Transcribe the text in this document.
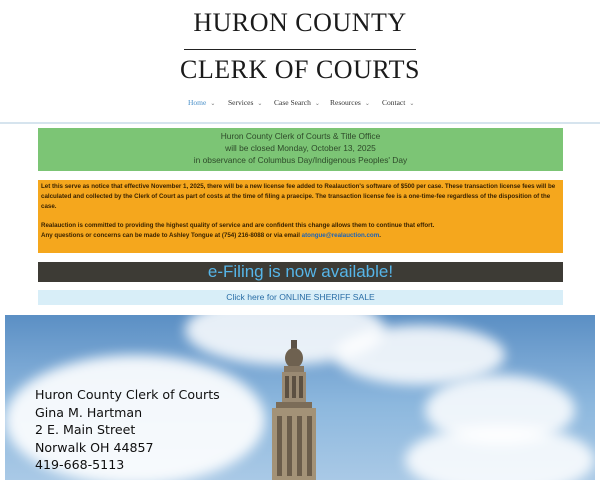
HURON COUNTY
CLERK OF COURTS
Home ⌄ Services ⌄ Case Search ⌄ Resources ⌄ Contact ⌄
Huron County Clerk of Courts & Title Office
will be closed Monday, October 13, 2025
in observance of Columbus Day/Indigenous Peoples' Day
Let this serve as notice that effective November 1, 2025, there will be a new license fee added to Realauction's software of $500 per case. These transaction license fees will be calculated and collected by the Clerk of Court as part of costs at the time of filing a praecipe. The transaction license fee is a one-time-fee regardless of the disposition of the case.
Realauction is committed to providing the highest quality of service and are confident this change allows them to continue that effort.
Any questions or concerns can be made to Ashley Tongue at (754) 216-8088 or via email atongue@realauction.com.
e-Filing is now available!
Click here for ONLINE SHERIFF SALE
Huron County Clerk of Courts
Gina M. Hartman
2 E. Main Street
Norwalk OH 44857
419-668-5113
